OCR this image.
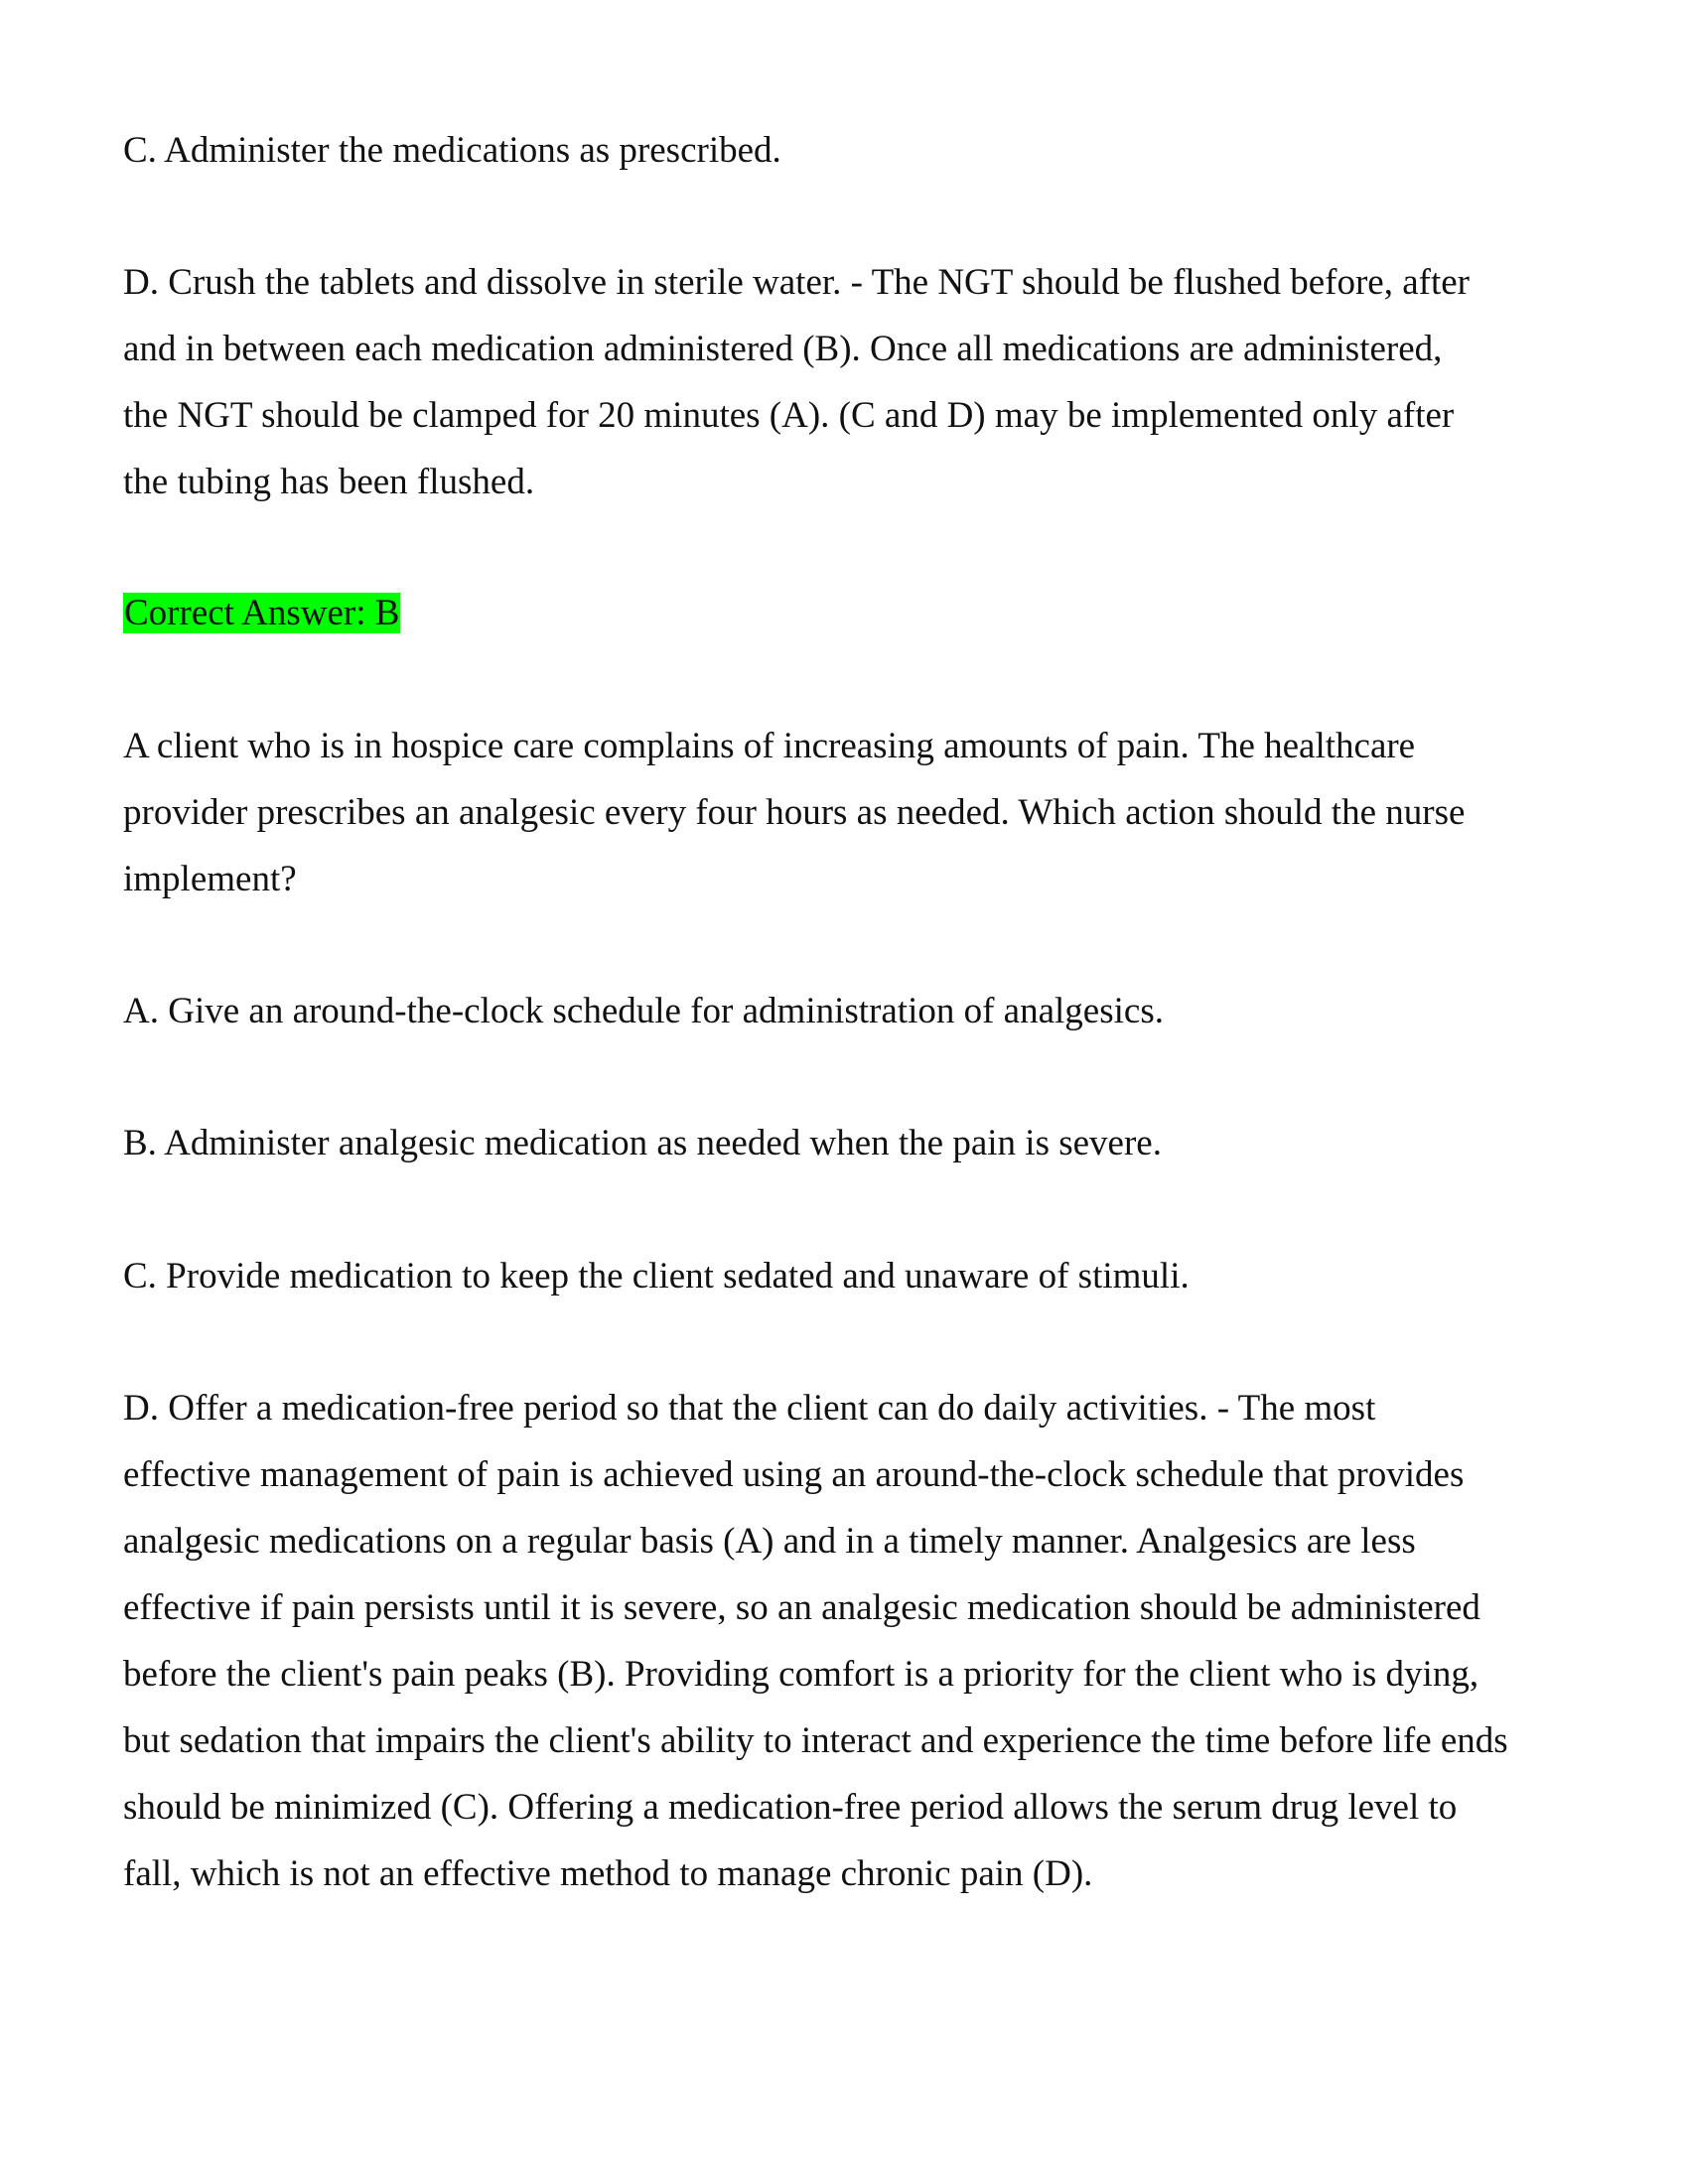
C. Administer the medications as prescribed.

D. Crush the tablets and dissolve in sterile water. - The NGT should be flushed before, after and in between each medication administered (B). Once all medications are administered, the NGT should be clamped for 20 minutes (A). (C and D) may be implemented only after the tubing has been flushed.

Correct Answer: B

A client who is in hospice care complains of increasing amounts of pain. The healthcare provider prescribes an analgesic every four hours as needed. Which action should the nurse implement?

A. Give an around-the-clock schedule for administration of analgesics.

B. Administer analgesic medication as needed when the pain is severe.

C. Provide medication to keep the client sedated and unaware of stimuli.

D. Offer a medication-free period so that the client can do daily activities. - The most effective management of pain is achieved using an around-the-clock schedule that provides analgesic medications on a regular basis (A) and in a timely manner. Analgesics are less effective if pain persists until it is severe, so an analgesic medication should be administered before the client's pain peaks (B). Providing comfort is a priority for the client who is dying, but sedation that impairs the client's ability to interact and experience the time before life ends should be minimized (C). Offering a medication-free period allows the serum drug level to fall, which is not an effective method to manage chronic pain (D).
